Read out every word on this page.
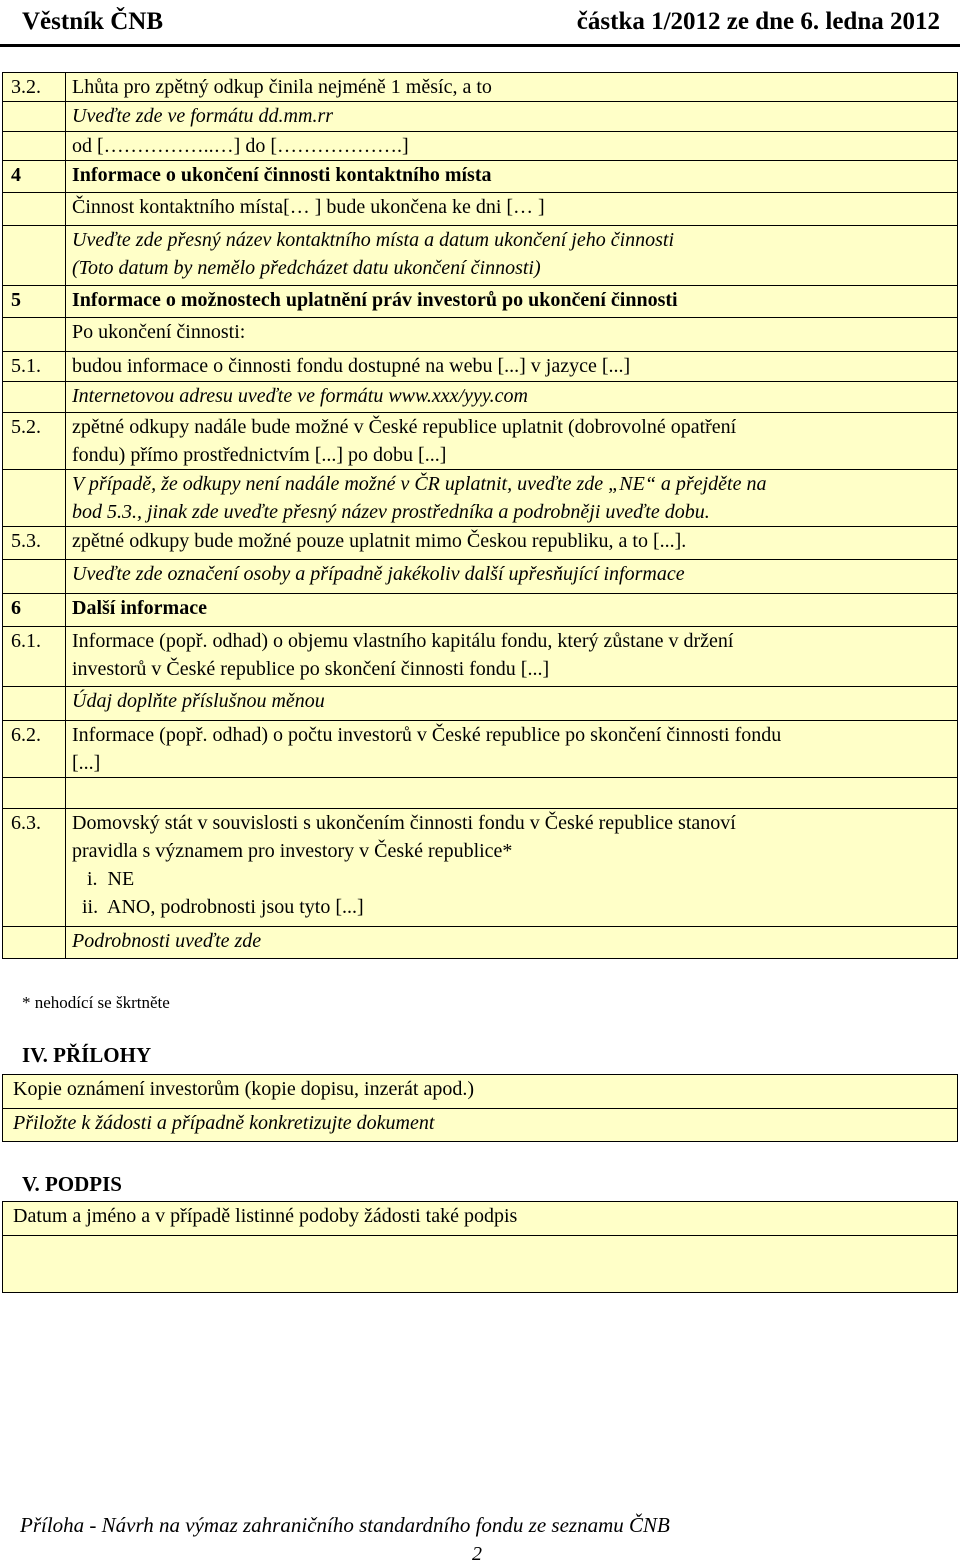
Věstník ČNB	částka 1/2012 ze dne 6. ledna 2012
3.2.	Lhůta pro zpětný odkup činila nejméně 1 měsíc, a to

	Uveďte zde ve formátu dd.mm.rr

	od [……………..…] do [……………….]

4	Informace o ukončení činnosti kontaktního místa

	Činnost kontaktního místa[… ] bude ukončena ke dni [… ]

	Uveďte zde přesný název kontaktního místa a datum ukončení jeho činnosti
(Toto datum by nemělo předcházet datu ukončení činnosti)

5	Informace o možnostech uplatnění práv investorů po ukončení činnosti

	Po ukončení činnosti:

5.1.	budou informace o činnosti fondu dostupné na webu [...] v jazyce [...]

	Internetovou adresu uveďte ve formátu www.xxx/yyy.com

5.2.	zpětné odkupy nadále bude možné v České republice uplatnit (dobrovolné opatření
fondu) přímo prostřednictvím [...] po dobu [...]

	V případě, že odkupy není nadále možné v ČR uplatnit, uveďte zde „NE“ a přejděte na
bod 5.3., jinak zde uveďte přesný název prostředníka a podrobněji uveďte dobu.

5.3.	zpětné odkupy bude možné pouze uplatnit mimo Českou republiku, a to [...].

	Uveďte zde označení osoby a případně jakékoliv další upřesňující informace

6	Další informace

6.1.	Informace (popř. odhad) o objemu vlastního kapitálu fondu, který zůstane v držení
investorů v České republice po skončení činnosti fondu [...]

	Údaj doplňte příslušnou měnou

6.2.	Informace (popř. odhad) o počtu investorů v České republice po skončení činnosti fondu
[...]

6.3.	Domovský stát v souvislosti s ukončením činnosti fondu v České republice stanoví
pravidla s významem pro investory v České republice*
i.  NE
ii.  ANO, podrobnosti jsou tyto [...]

	Podrobnosti uveďte zde
* nehodící se škrtněte
IV. PŘÍLOHY
Kopie oznámení investorům (kopie dopisu, inzerát apod.)
Přiložte k žádosti a případně konkretizujte dokument
V. PODPIS
Datum a jméno a v případě listinné podoby žádosti také podpis
Příloha - Návrh na výmaz zahraničního standardního fondu ze seznamu ČNB
2
